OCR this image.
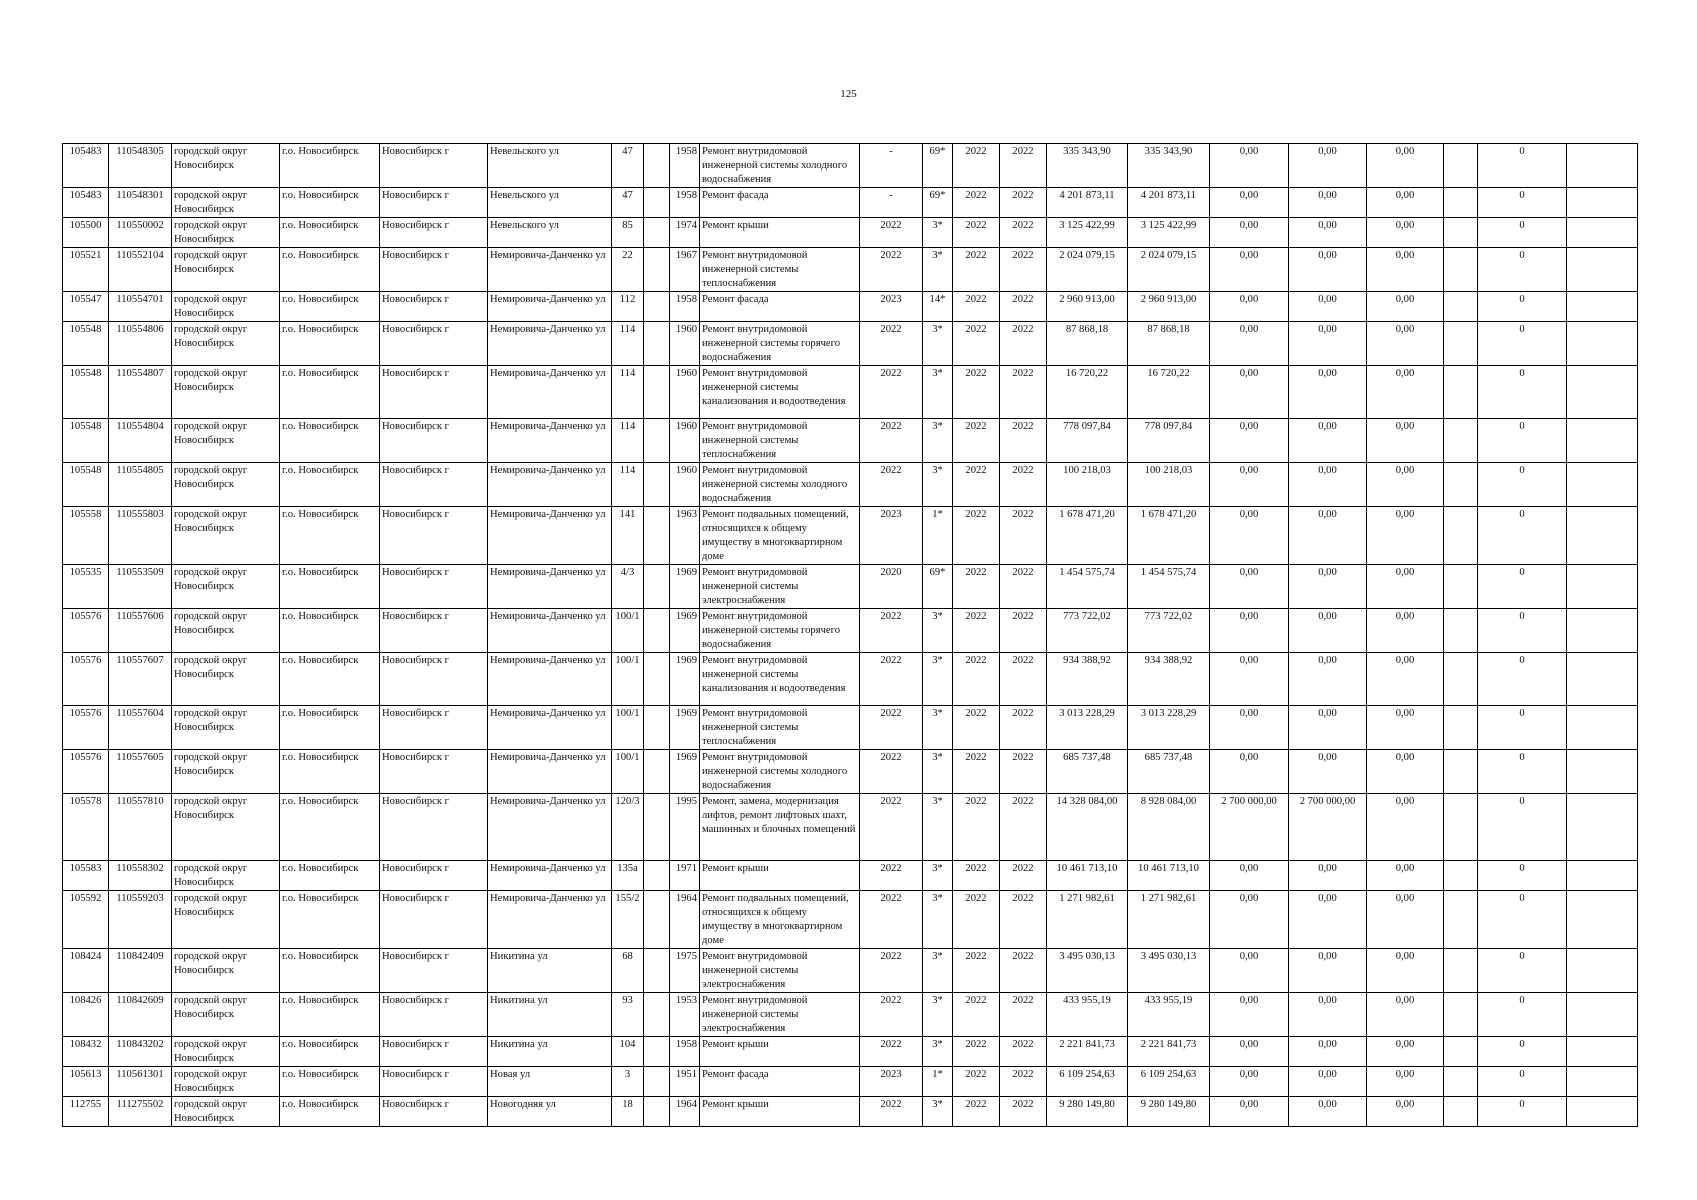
125
105483	110548305	городской округ Новосибирск	г.о. Новосибирск	Новосибирск г	Невельского ул	47		1958	Ремонт внутридомовой инженерной системы холодного водоснабжения	-	69*	2022	2022	335 343,90	335 343,90	0,00	0,00	0,00		0	
105483	110548301	городской округ Новосибирск	г.о. Новосибирск	Новосибирск г	Невельского ул	47		1958	Ремонт фасада	-	69*	2022	2022	4 201 873,11	4 201 873,11	0,00	0,00	0,00		0	
105500	110550002	городской округ Новосибирск	г.о. Новосибирск	Новосибирск г	Невельского ул	85		1974	Ремонт крыши	2022	3*	2022	2022	3 125 422,99	3 125 422,99	0,00	0,00	0,00		0	
105521	110552104	городской округ Новосибирск	г.о. Новосибирск	Новосибирск г	Немировича-Данченко ул	22		1967	Ремонт внутридомовой инженерной системы теплоснабжения	2022	3*	2022	2022	2 024 079,15	2 024 079,15	0,00	0,00	0,00		0	
105547	110554701	городской округ Новосибирск	г.о. Новосибирск	Новосибирск г	Немировича-Данченко ул	112		1958	Ремонт фасада	2023	14*	2022	2022	2 960 913,00	2 960 913,00	0,00	0,00	0,00		0	
105548	110554806	городской округ Новосибирск	г.о. Новосибирск	Новосибирск г	Немировича-Данченко ул	114		1960	Ремонт внутридомовой инженерной системы горячего водоснабжения	2022	3*	2022	2022	87 868,18	87 868,18	0,00	0,00	0,00		0	
105548	110554807	городской округ Новосибирск	г.о. Новосибирск	Новосибирск г	Немировича-Данченко ул	114		1960	Ремонт внутридомовой инженерной системы канализования и водоотведения	2022	3*	2022	2022	16 720,22	16 720,22	0,00	0,00	0,00		0	
105548	110554804	городской округ Новосибирск	г.о. Новосибирск	Новосибирск г	Немировича-Данченко ул	114		1960	Ремонт внутридомовой инженерной системы теплоснабжения	2022	3*	2022	2022	778 097,84	778 097,84	0,00	0,00	0,00		0	
105548	110554805	городской округ Новосибирск	г.о. Новосибирск	Новосибирск г	Немировича-Данченко ул	114		1960	Ремонт внутридомовой инженерной системы холодного водоснабжения	2022	3*	2022	2022	100 218,03	100 218,03	0,00	0,00	0,00		0	
105558	110555803	городской округ Новосибирск	г.о. Новосибирск	Новосибирск г	Немировича-Данченко ул	141		1963	Ремонт подвальных помещений, относящихся к общему имуществу в многоквартирном доме	2023	1*	2022	2022	1 678 471,20	1 678 471,20	0,00	0,00	0,00		0	
105535	110553509	городской округ Новосибирск	г.о. Новосибирск	Новосибирск г	Немировича-Данченко ул	4/3		1969	Ремонт внутридомовой инженерной системы электроснабжения	2020	69*	2022	2022	1 454 575,74	1 454 575,74	0,00	0,00	0,00		0	
105576	110557606	городской округ Новосибирск	г.о. Новосибирск	Новосибирск г	Немировича-Данченко ул	100/1		1969	Ремонт внутридомовой инженерной системы горячего водоснабжения	2022	3*	2022	2022	773 722,02	773 722,02	0,00	0,00	0,00		0	
105576	110557607	городской округ Новосибирск	г.о. Новосибирск	Новосибирск г	Немировича-Данченко ул	100/1		1969	Ремонт внутридомовой инженерной системы канализования и водоотведения	2022	3*	2022	2022	934 388,92	934 388,92	0,00	0,00	0,00		0	
105576	110557604	городской округ Новосибирск	г.о. Новосибирск	Новосибирск г	Немировича-Данченко ул	100/1		1969	Ремонт внутридомовой инженерной системы теплоснабжения	2022	3*	2022	2022	3 013 228,29	3 013 228,29	0,00	0,00	0,00		0	
105576	110557605	городской округ Новосибирск	г.о. Новосибирск	Новосибирск г	Немировича-Данченко ул	100/1		1969	Ремонт внутридомовой инженерной системы холодного водоснабжения	2022	3*	2022	2022	685 737,48	685 737,48	0,00	0,00	0,00		0	
105578	110557810	городской округ Новосибирск	г.о. Новосибирск	Новосибирск г	Немировича-Данченко ул	120/3		1995	Ремонт, замена, модернизация лифтов, ремонт лифтовых шахт, машинных и блочных помещений	2022	3*	2022	2022	14 328 084,00	8 928 084,00	2 700 000,00	2 700 000,00	0,00		0	
105583	110558302	городской округ Новосибирск	г.о. Новосибирск	Новосибирск г	Немировича-Данченко ул	135а		1971	Ремонт крыши	2022	3*	2022	2022	10 461 713,10	10 461 713,10	0,00	0,00	0,00		0	
105592	110559203	городской округ Новосибирск	г.о. Новосибирск	Новосибирск г	Немировича-Данченко ул	155/2		1964	Ремонт подвальных помещений, относящихся к общему имуществу в многоквартирном доме	2022	3*	2022	2022	1 271 982,61	1 271 982,61	0,00	0,00	0,00		0	
108424	110842409	городской округ Новосибирск	г.о. Новосибирск	Новосибирск г	Никитина ул	68		1975	Ремонт внутридомовой инженерной системы электроснабжения	2022	3*	2022	2022	3 495 030,13	3 495 030,13	0,00	0,00	0,00		0	
108426	110842609	городской округ Новосибирск	г.о. Новосибирск	Новосибирск г	Никитина ул	93		1953	Ремонт внутридомовой инженерной системы электроснабжения	2022	3*	2022	2022	433 955,19	433 955,19	0,00	0,00	0,00		0	
108432	110843202	городской округ Новосибирск	г.о. Новосибирск	Новосибирск г	Никитина ул	104		1958	Ремонт крыши	2022	3*	2022	2022	2 221 841,73	2 221 841,73	0,00	0,00	0,00		0	
105613	110561301	городской округ Новосибирск	г.о. Новосибирск	Новосибирск г	Новая ул	3		1951	Ремонт фасада	2023	1*	2022	2022	6 109 254,63	6 109 254,63	0,00	0,00	0,00		0	
112755	111275502	городской округ Новосибирск	г.о. Новосибирск	Новосибирск г	Новогодняя ул	18		1964	Ремонт крыши	2022	3*	2022	2022	9 280 149,80	9 280 149,80	0,00	0,00	0,00		0	
